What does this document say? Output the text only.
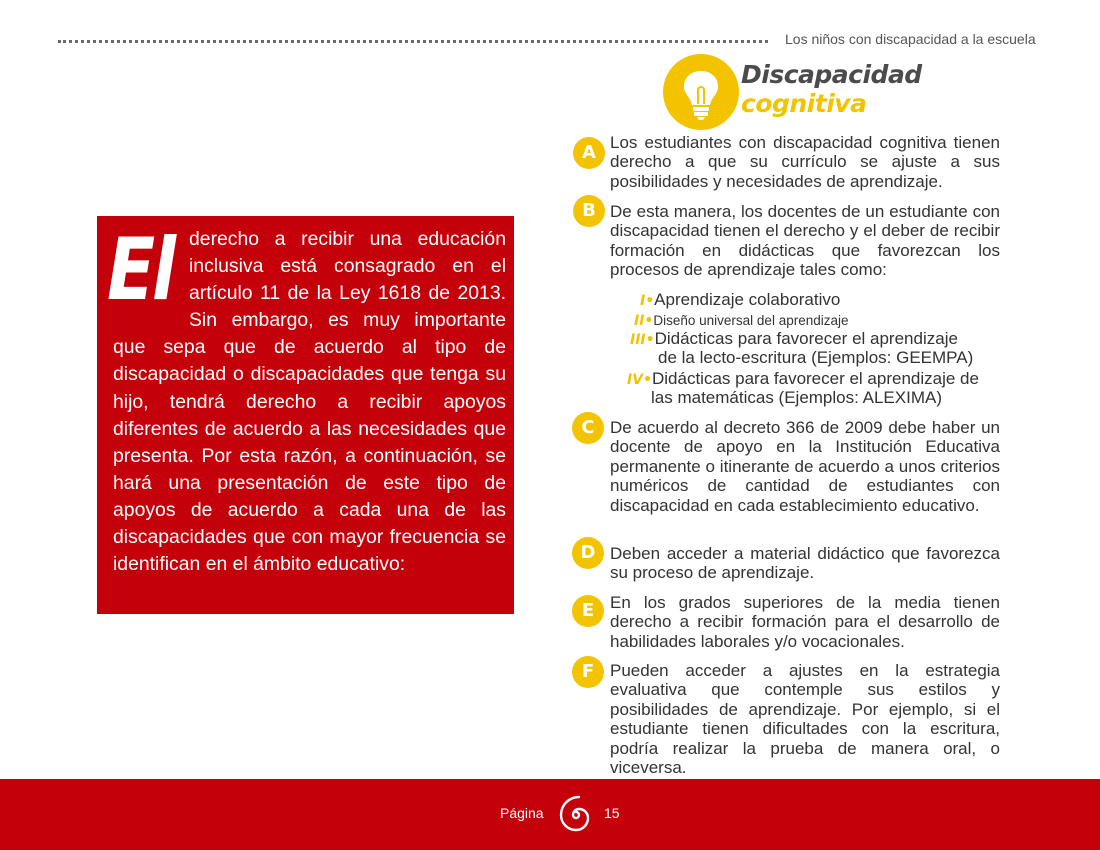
Los niños con discapacidad a la escuela
El derecho a recibir una educación inclusiva está consagrado en el artículo 11 de la Ley 1618 de 2013. Sin embargo, es muy importante que sepa que de acuerdo al tipo de discapacidad o discapacidades que tenga su hijo, tendrá derecho a recibir apoyos diferentes de acuerdo a las necesidades que presenta. Por esta razón, a continuación, se hará una presentación de este tipo de apoyos de acuerdo a cada una de las discapacidades que con mayor frecuencia se identifican en el ámbito educativo:

Discapacidad
cognitiva
A Los estudiantes con discapacidad cognitiva tienen derecho a que su currículo se ajuste a sus posibilidades y necesidades de aprendizaje.

B De esta manera, los docentes de un estudiante con discapacidad tienen el derecho y el deber de recibir formación en didácticas que favorezcan los procesos de aprendizaje tales como:

I•Aprendizaje colaborativo
II•Diseño universal del aprendizaje
III•Didácticas para favorecer el aprendizaje
de la lecto-escritura (Ejemplos: GEEMPA)
IV•Didácticas para favorecer el aprendizaje de
las matemáticas (Ejemplos: ALEXIMA)
C De acuerdo al decreto 366 de 2009 debe haber un docente de apoyo en la Institución Educativa permanente o itinerante de acuerdo a unos criterios numéricos de cantidad de estudiantes con discapacidad en cada establecimiento educativo.

D Deben acceder a material didáctico que favorezca su proceso de aprendizaje.

E En los grados superiores de la media tienen derecho a recibir formación para el desarrollo de habilidades laborales y/o vocacionales.

F Pueden acceder a ajustes en la estrategia evaluativa que contemple sus estilos y posibilidades de aprendizaje. Por ejemplo, si el estudiante tienen dificultades con la escritura, podría realizar la prueba de manera oral, o viceversa.

Página	15
